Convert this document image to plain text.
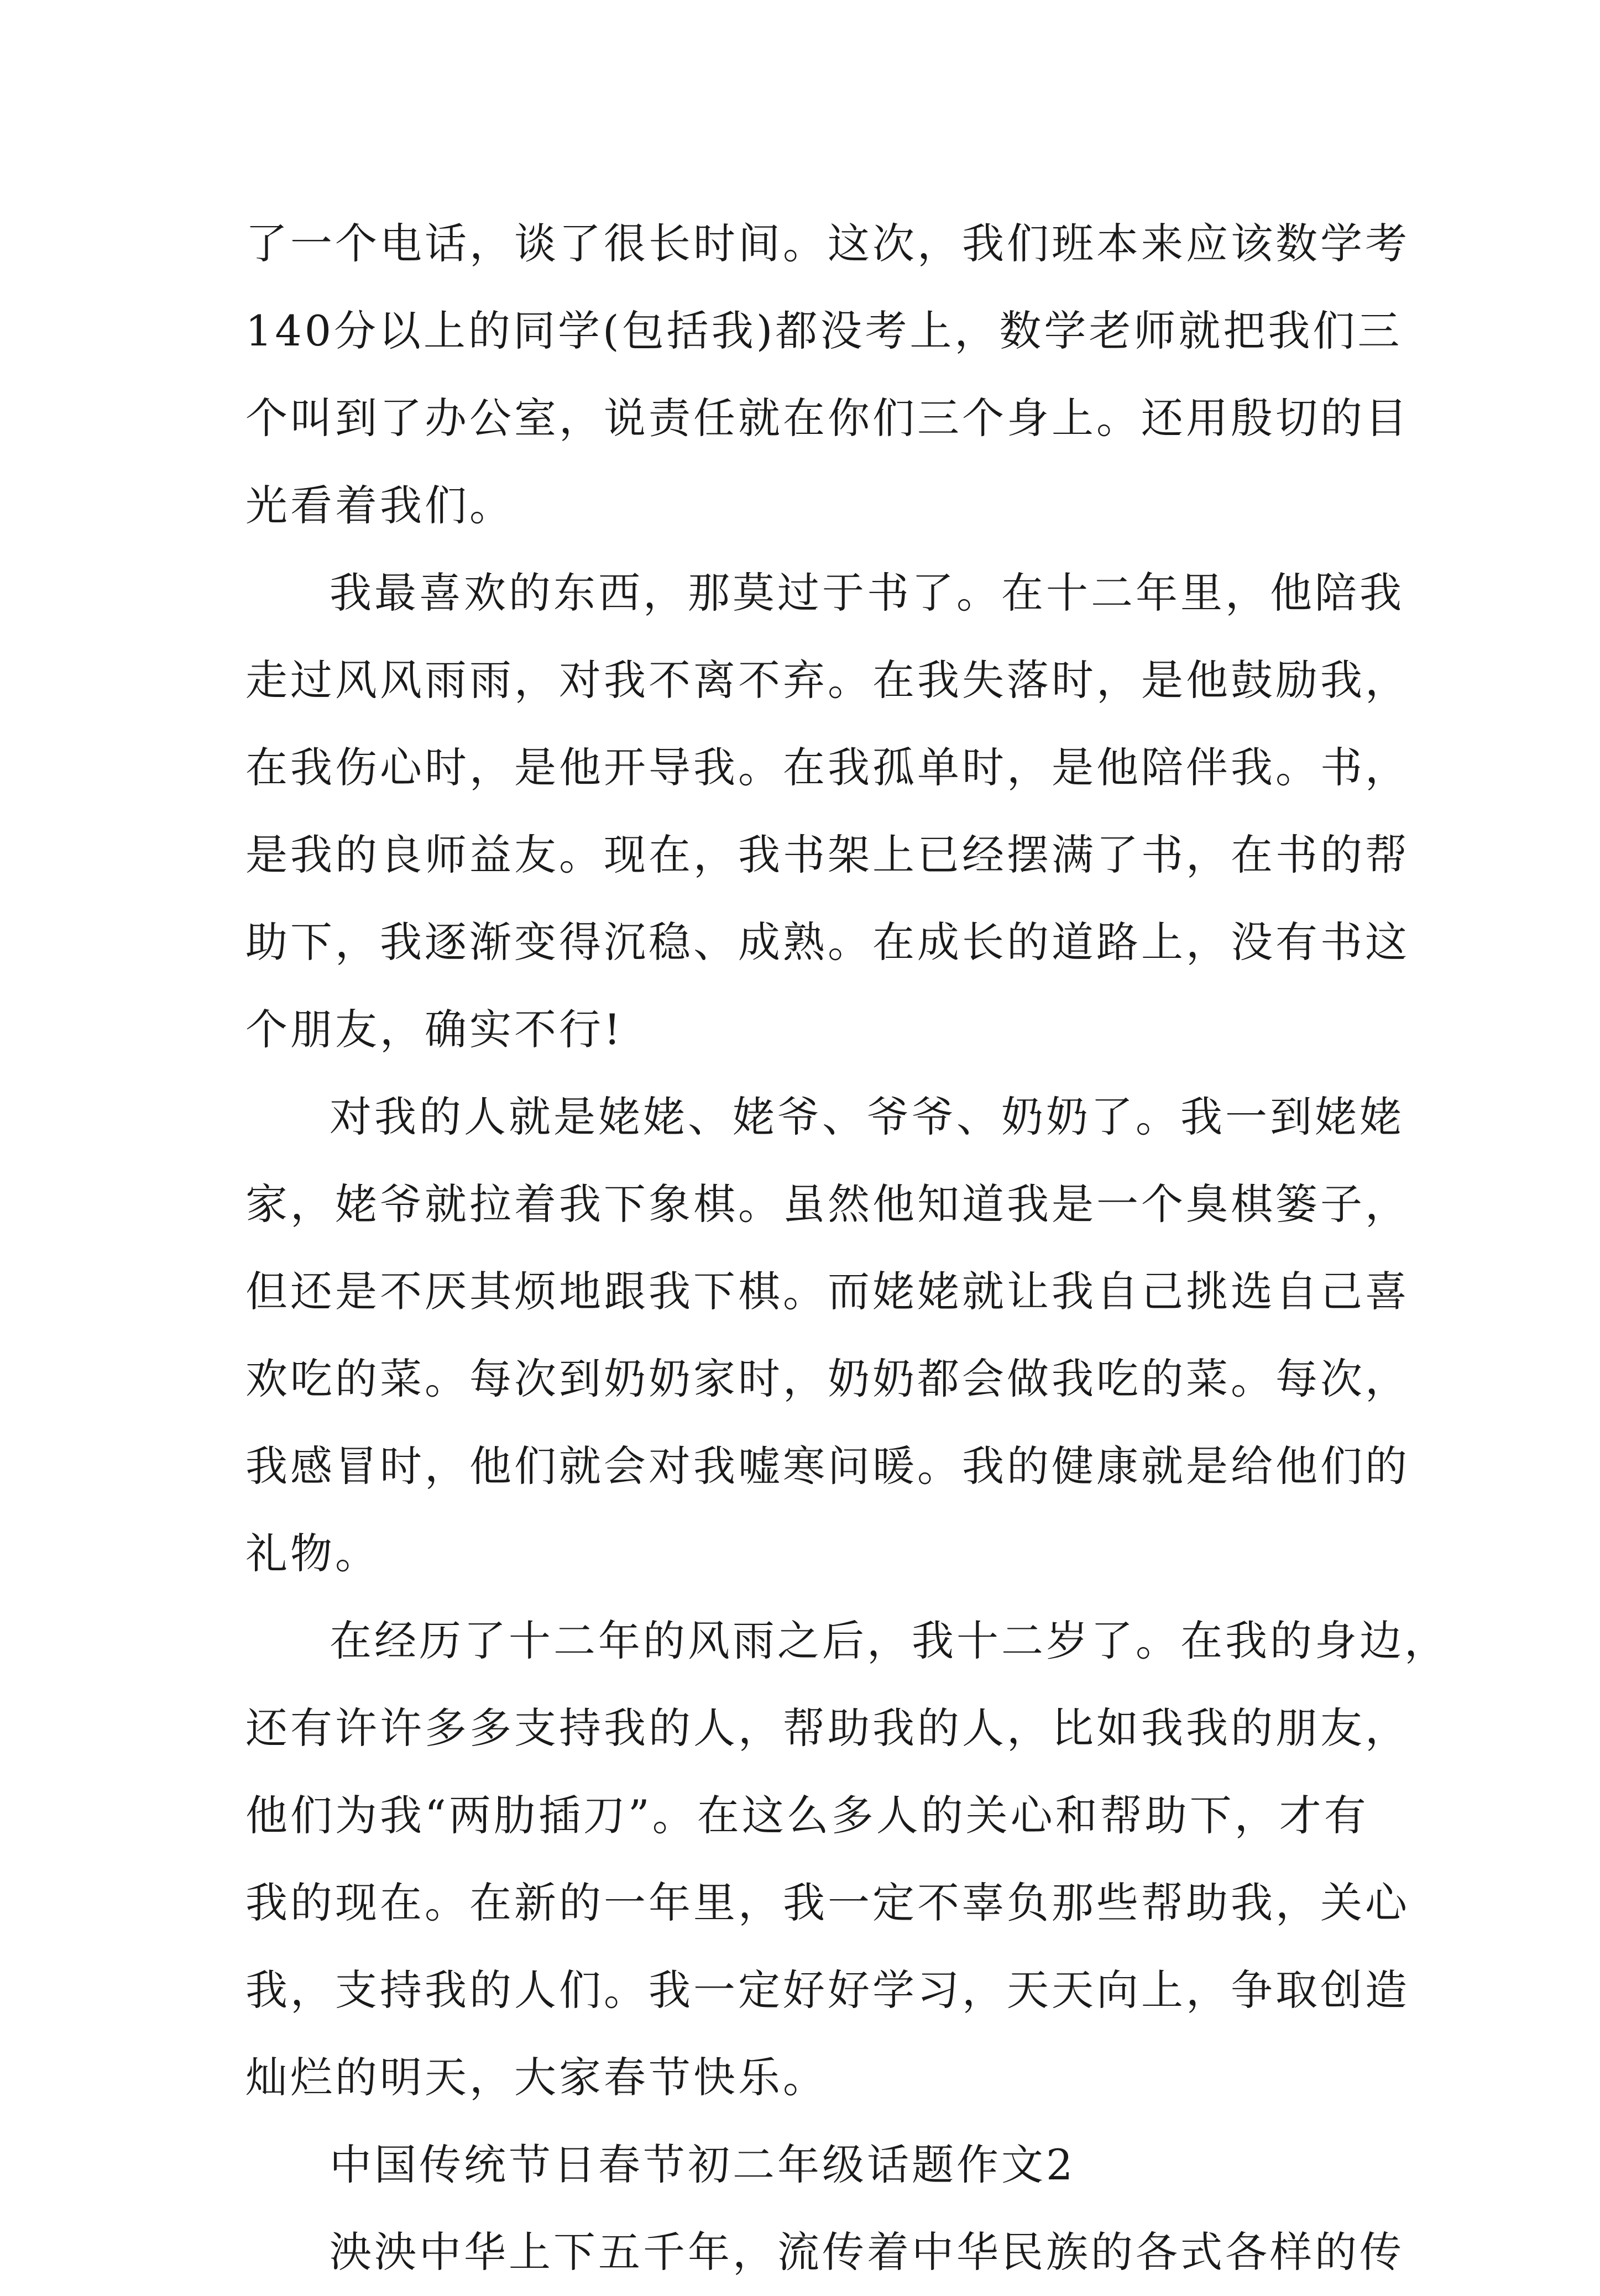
了一个电话，谈了很长时间。这次，我们班本来应该数学考
140分以上的同学(包括我)都没考上，数学老师就把我们三
个叫到了办公室，说责任就在你们三个身上。还用殷切的目
光看着我们。
我最喜欢的东西，那莫过于书了。在十二年里，他陪我
走过风风雨雨，对我不离不弃。在我失落时，是他鼓励我，
在我伤心时，是他开导我。在我孤单时，是他陪伴我。书，
是我的良师益友。现在，我书架上已经摆满了书，在书的帮
助下，我逐渐变得沉稳、成熟。在成长的道路上，没有书这
个朋友，确实不行!
对我的人就是姥姥、姥爷、爷爷、奶奶了。我一到姥姥
家，姥爷就拉着我下象棋。虽然他知道我是一个臭棋篓子，
但还是不厌其烦地跟我下棋。而姥姥就让我自己挑选自己喜
欢吃的菜。每次到奶奶家时，奶奶都会做我吃的菜。每次，
我感冒时，他们就会对我嘘寒问暖。我的健康就是给他们的
礼物。
在经历了十二年的风雨之后，我十二岁了。在我的身边，
还有许许多多支持我的人，帮助我的人，比如我我的朋友，
他们为我“两肋插刀”。在这么多人的关心和帮助下，才有
我的现在。在新的一年里，我一定不辜负那些帮助我，关心
我，支持我的人们。我一定好好学习，天天向上，争取创造
灿烂的明天，大家春节快乐。
中国传统节日春节初二年级话题作文2
泱泱中华上下五千年，流传着中华民族的各式各样的传
